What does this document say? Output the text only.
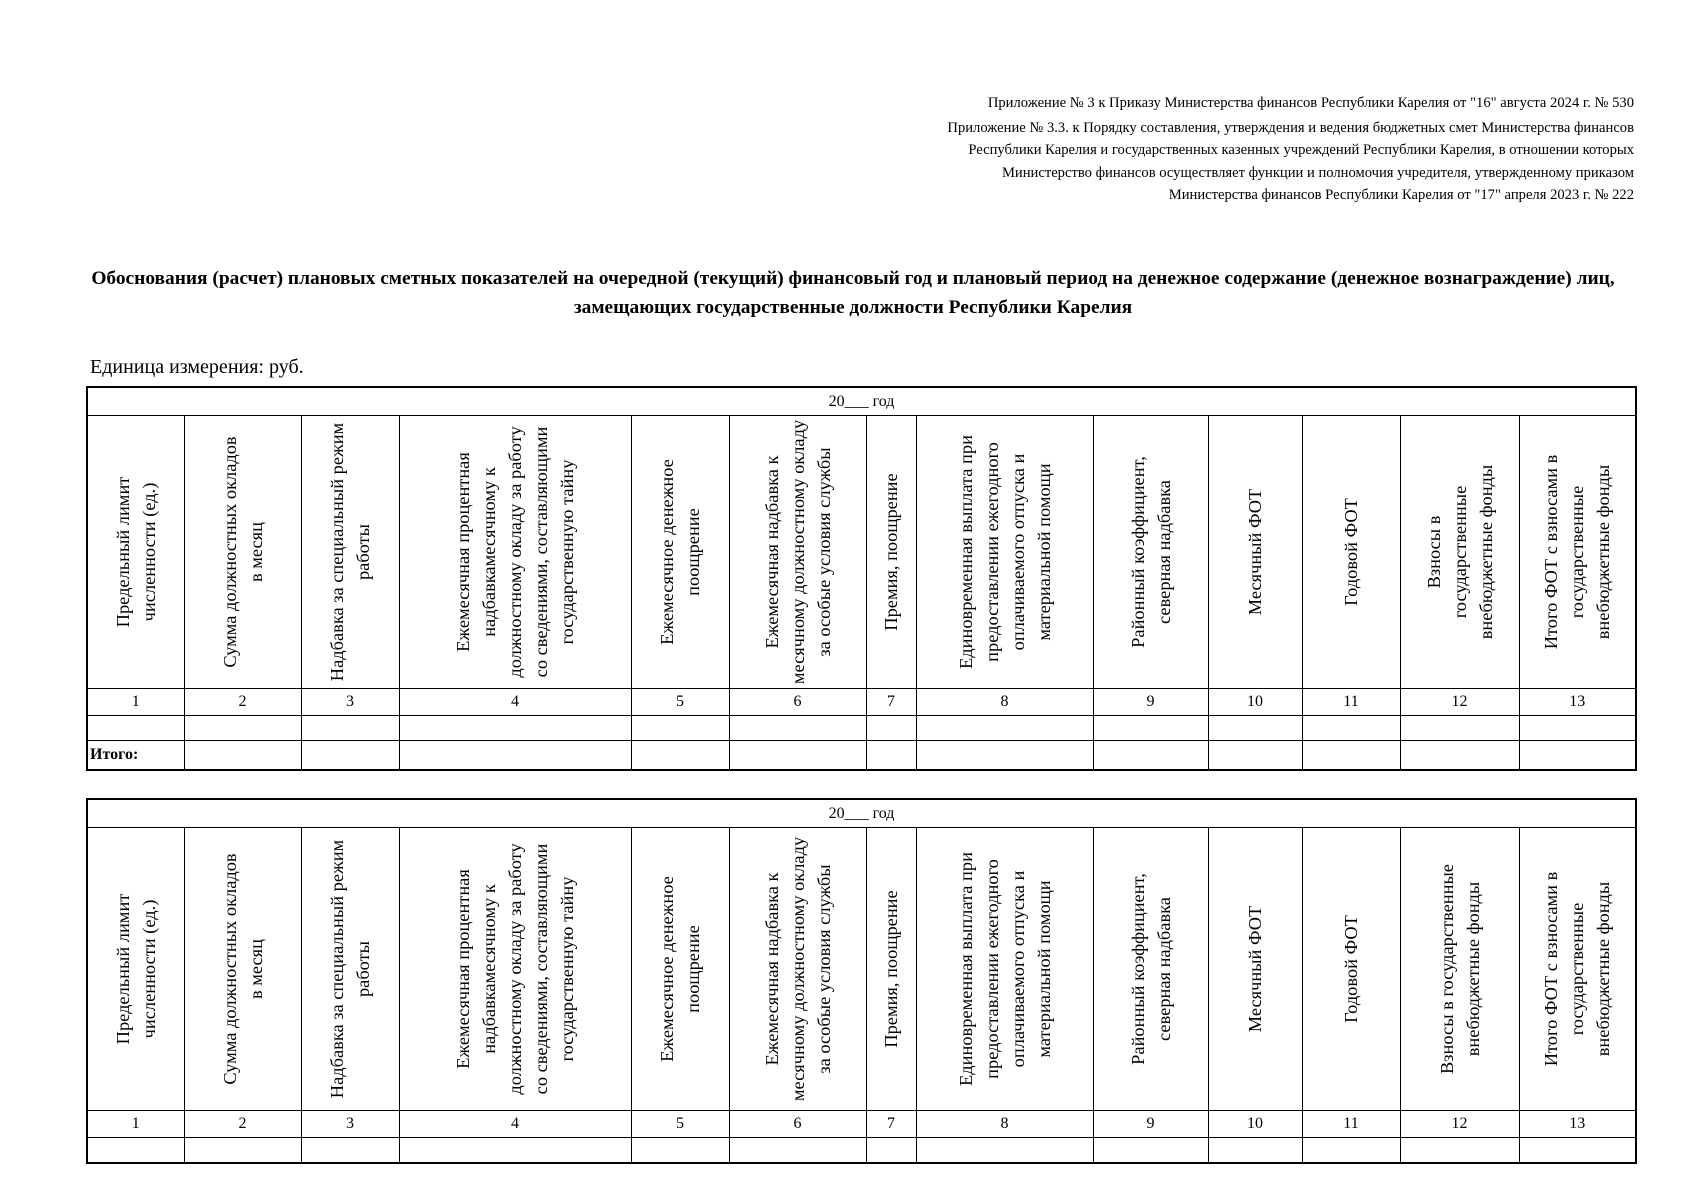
Приложение № 3 к Приказу Министерства финансов Республики Карелия от "16" августа 2024 г. № 530
Приложение № 3.3. к Порядку составления, утверждения и ведения бюджетных смет Министерства финансов Республики Карелия и государственных казенных учреждений Республики Карелия, в отношении которых Министерство финансов осуществляет функции и полномочия учредителя, утвержденному приказом Министерства финансов Республики Карелия от "17" апреля 2023 г. № 222
Обоснования (расчет) плановых сметных показателей на очередной (текущий) финансовый год и плановый период на денежное содержание (денежное вознаграждение) лиц, замещающих государственные должности Республики Карелия
Единица измерения: руб.
20___ год												

Предельный лимит численности (ед.)	Сумма должностных окладов в месяц	Надбавка за специальный режим работы	Ежемесячная процентная надбавкамесячному к должностному окладу за работу со сведениями, составляющими государственную тайну	Ежемесячное денежное поощрение	Ежемесячная надбавка к месячному должностному окладу за особые условия службы	Премия, поощрение	Единовременная выплата при предоставлении ежегодного оплачиваемого отпуска и материальной помощи	Районный коэффициент, северная надбавка	Месячный ФОТ	Годовой ФОТ	Взносы в государственные внебюджетные фонды	Итого ФОТ с взносами в государственные внебюджетные фонды

1	2	3	4	5	6	7	8	9	10	11	12	13

Итого:												
20___ год												

Предельный лимит численности (ед.)	Сумма должностных окладов в месяц	Надбавка за специальный режим работы	Ежемесячная процентная надбавкамесячному к должностному окладу за работу со сведениями, составляющими государственную тайну	Ежемесячное денежное поощрение	Ежемесячная надбавка к месячному должностному окладу за особые условия службы	Премия, поощрение	Единовременная выплата при предоставлении ежегодного оплачиваемого отпуска и материальной помощи	Районный коэффициент, северная надбавка	Месячный ФОТ	Годовой ФОТ	Взносы в государственные внебюджетные фонды	Итого ФОТ с взносами в государственные внебюджетные фонды

1	2	3	4	5	6	7	8	9	10	11	12	13
